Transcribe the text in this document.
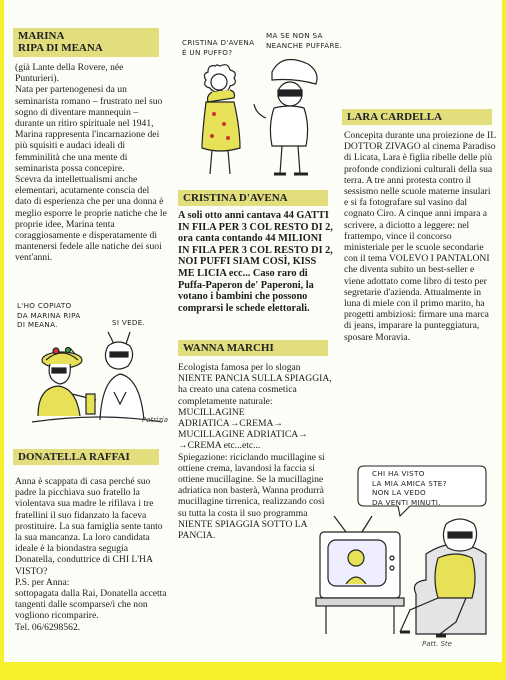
MARINA
RIPA DI MEANA
(già Lante della Rovere, née Punturieri).
Nata per partenogenesi da un seminarista romano – frustrato nel suo sogno di diventare mannequin – durante un ritiro spirituale nel 1941, Marina rappresenta l'incarnazione dei più squisiti e audaci ideali di femminilità che una mente di seminarista possa concepire.
Scevra da intellettualismi anche elementari, acutamente conscia del dato di esperienza che per una donna è meglio esporre le proprie natiche che le proprie idee, Marina tenta coraggiosamente e disperatamente di mantenersi fedele alle natiche dei suoi vent'anni.
L'HO COPIATO
DA MARINA RIPA
DI MEANA.	SI VEDE.
Patrizia
DONATELLA RAFFAI
Anna è scappata di casa perché suo padre la picchiava suo fratello la violentava sua madre le rifilava i tre fratellini il suo fidanzato la faceva prostituire. La sua famiglia sente tanto la sua mancanza. La loro candidata ideale è la biondastra segugia Donatella, conduttrice di CHI L'HA VISTO?
P.S. per Anna:
sottopagata dalla Rai, Donatella accetta tangenti dalle scomparse/i che non vogliono ricomparire.
Tel. 06/6298562.
CRISTINA D'AVENA
È UN PUFFO?
MA SE NON SA
NEANCHE PUFFARE.
CRISTINA D'AVENA
A soli otto anni cantava 44 GATTI IN FILA PER 3 COL RESTO DI 2, ora canta contando 44 MILIONI IN FILA PER 3 COL RESTO DI 2, NOI PUFFI SIAM COSÌ, KISS ME LICIA ecc... Caso raro di Puffa-Paperon de' Paperoni, la votano i bambini che possono comprarsi le schede elettorali.
WANNA MARCHI
Ecologista famosa per lo slogan NIENTE PANCIA SULLA SPIAGGIA, ha creato una catena cosmetica completamente naturale: MUCILLAGINE ADRIATICA→CREMA→ MUCILLAGINE ADRIATICA→ →CREMA etc...etc...
Spiegazione: riciclando mucillagine si ottiene crema, lavandosi la faccia si ottiene mucillagine. Se la mucillagine adriatica non basterà, Wanna produrrà mucillagine tirrenica, realizzando così su tutta la costa il suo programma NIENTE SPIAGGIA SOTTO LA PANCIA.
LARA CARDELLA
Concepita durante una proiezione de IL DOTTOR ZIVAGO al cinema Paradiso di Licata, Lara è figlia ribelle delle più profonde condizioni culturali della sua terra. A tre anni protesta contro il sessismo nelle scuole materne insulari e si fa fotografare sul vasino dal cognato Ciro. A cinque anni impara a scrivere, a diciotto a leggere: nel frattempo, vince il concorso ministeriale per le scuole secondarie con il tema VOLEVO I PANTALONI che diventa subito un best-seller e viene adottato come libro di testo per segretarie d'azienda. Attualmente in luna di miele con il primo marito, ha progetti ambiziosi: firmare una marca di jeans, imparare la punteggiatura, sposare Moravia.
CHI HA VISTO
LA MIA AMICA STE?
NON LA VEDO
DA VENTI MINUTI.
Patt. Ste
